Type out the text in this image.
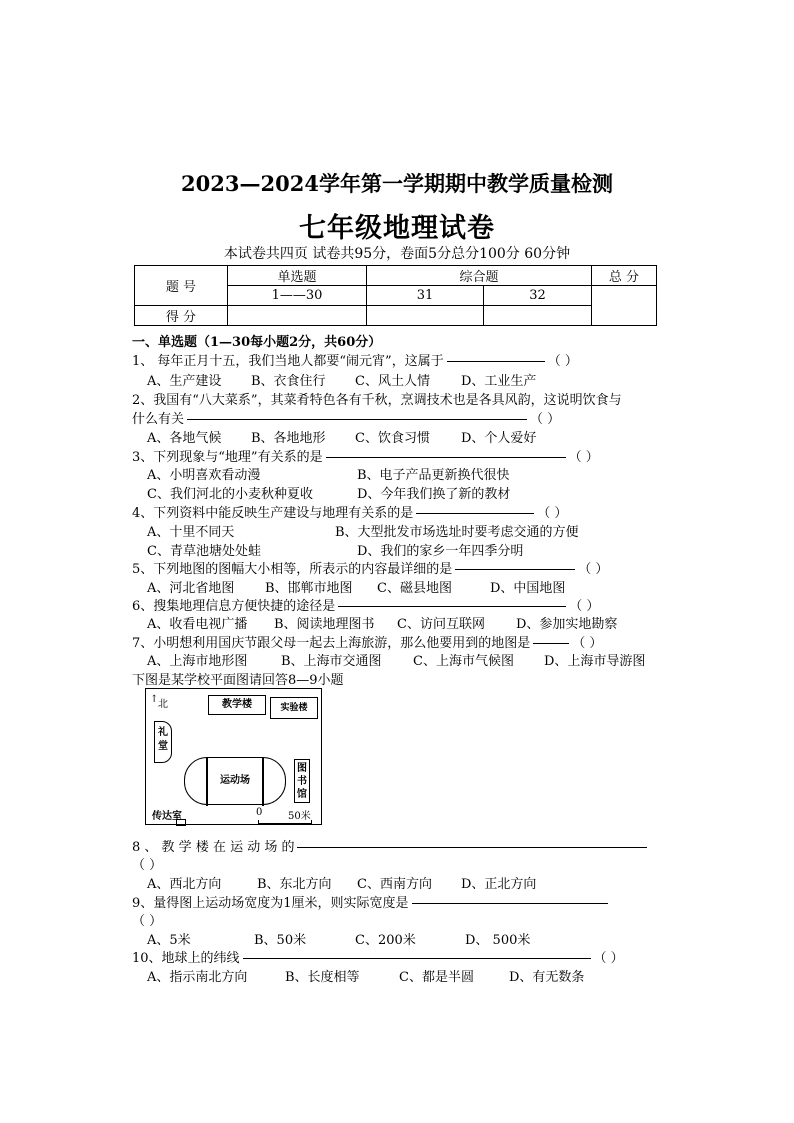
2023—2024学年第一学期期中教学质量检测
七年级地理试卷
本试卷共四页 试卷共95分，卷面5分总分100分 60分钟
题 号	单选题	综合题		总 分
	1——30	31	32	
得 分				
一、单选题（1—30每小题2分，共60分）
1、 每年正月十五，我们当地人都要“闹元宵”，这属于	（ ）
A、生产建设 B、衣食住行 C、风土人情 D、工业生产
2、我国有“八大菜系”，其菜肴特色各有千秋，烹调技术也是各具风韵，这说明饮食与
什么有关	（ ）
A、各地气候 B、各地地形 C、饮食习惯 D、个人爱好
3、下列现象与“地理”有关系的是	（ ）
A、小明喜欢看动漫	B、电子产品更新换代很快
C、我们河北的小麦秋种夏收	D、今年我们换了新的教材
4、下列资料中能反映生产建设与地理有关系的是	（ ）
A、十里不同天	B、大型批发市场选址时要考虑交通的方便
C、青草池塘处处蛙	D、我们的家乡一年四季分明
5、下列地图的图幅大小相等，所表示的内容最详细的是	（ ）
A、河北省地图 B、邯郸市地图 C、磁县地图	D、中国地图
6、搜集地理信息方便快捷的途径是	（ ）
A、收看电视广播 B、阅读地理图书 C、访问互联网 D、参加实地勘察
7、小明想利用国庆节跟父母一起去上海旅游，那么他要用到的地图是	（ ）
A、上海市地形图	B、上海市交通图 C、上海市气候图 D、上海市导游图
下图是某学校平面图请回答8—9小题
↑ 北	教学楼	实验楼
礼堂
运动场
图书馆
传达室	0	50米
8 、 教 学 楼 在 运 动 场 的
（ ）
A、西北方向	B、东北方向 C、西南方向 D、正北方向
9、量得图上运动场宽度为1厘米，则实际宽度是
（ ）
A、5米	B、50米	C、200米	D、 500米
10、地球上的纬线	（ ）
A、指示南北方向	B、长度相等	C、都是半圆	D、有无数条
